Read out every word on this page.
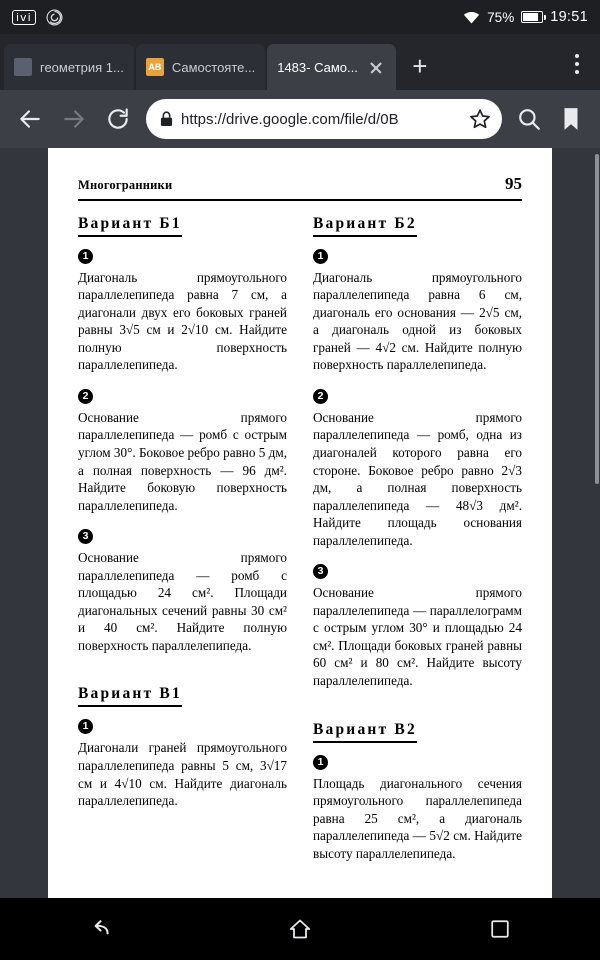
ivi	75% 19:51
геометрия 1...	AB Самостояте... 1483- Само...	+
https://drive.google.com/file/d/0B
Многогранники	95
Вариант Б1
1
Диагональ прямоугольного параллелепипеда равна 7 см, а диагонали двух его боковых граней равны 3√5 см и 2√10 см. Найдите полную поверхность параллелепипеда.
2
Основание прямого параллелепипеда — ромб с острым углом 30°. Боковое ребро равно 5 дм, а полная поверхность — 96 дм². Найдите боковую поверхность параллелепипеда.
3
Основание прямого параллелепипеда — ромб с площадью 24 см². Площади диагональных сечений равны 30 см² и 40 см². Найдите полную поверхность параллелепипеда.
Вариант В1
1
Диагонали граней прямоугольного параллелепипеда равны 5 см, 3√17 см и 4√10 см. Найдите диагональ параллелепипеда.
Вариант Б2
1
Диагональ прямоугольного параллелепипеда равна 6 см, диагональ его основания — 2√5 см, а диагональ одной из боковых граней — 4√2 см. Найдите полную поверхность параллелепипеда.
2
Основание прямого параллелепипеда — ромб, одна из диагоналей которого равна его стороне. Боковое ребро равно 2√3 дм, а полная поверхность параллелепипеда — 48√3 дм². Найдите площадь основания параллелепипеда.
3
Основание прямого параллелепипеда — параллелограмм с острым углом 30° и площадью 24 см². Площади боковых граней равны 60 см² и 80 см². Найдите высоту параллелепипеда.
Вариант В2
1
Площадь диагонального сечения прямоугольного параллелепипеда равна 25 см², а диагональ параллелепипеда — 5√2 см. Найдите высоту параллелепипеда.
